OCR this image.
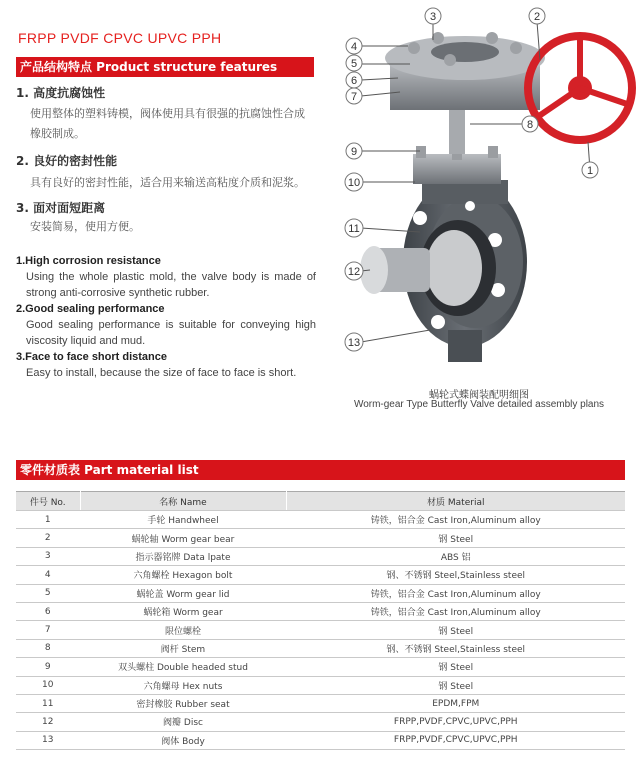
FRPP PVDF CPVC UPVC PPH
产品结构特点 Product structure features
1. 高度抗腐蚀性
使用整体的塑料铸模，阀体使用具有很强的抗腐蚀性合成橡胶制成。
2. 良好的密封性能
具有良好的密封性能，适合用来输送高粘度介质和泥浆。
3. 面对面短距离
安装简易，使用方便。
1.High corrosion resistance
Using the whole plastic mold, the valve body is made of strong anti-corrosive synthetic rubber.
2.Good sealing performance
Good sealing performance is suitable for conveying high viscosity liquid and mud.
3.Face to face short distance
Easy to install, because the size of face to face is short.
1
2
3
4
5
6
7
8
9
10
11
12
13
蜗轮式蝶阀装配明细图
Worm-gear Type Butterfly Valve detailed assembly plans
零件材质表 Part material list
件号 No.	名称 Name	材质 Material
1	手轮 Handwheel	铸铁，铝合金 Cast Iron,Aluminum alloy
2	蜗轮轴 Worm gear bear	钢 Steel
3	指示器铭牌 Data lpate	ABS 铝
4	六角螺栓 Hexagon bolt	钢、不锈钢 Steel,Stainless steel
5	蜗轮盖 Worm gear lid	铸铁，铝合金 Cast Iron,Aluminum alloy
6	蜗轮箱 Worm gear	铸铁，铝合金 Cast Iron,Aluminum alloy
7	限位螺栓	钢 Steel
8	阀杆 Stem	钢、不锈钢 Steel,Stainless steel
9	双头螺柱 Double headed stud	钢 Steel
10	六角螺母 Hex nuts	钢 Steel
11	密封橡胶 Rubber seat	EPDM,FPM
12	阀瓣 Disc	FRPP,PVDF,CPVC,UPVC,PPH
13	阀体 Body	FRPP,PVDF,CPVC,UPVC,PPH
